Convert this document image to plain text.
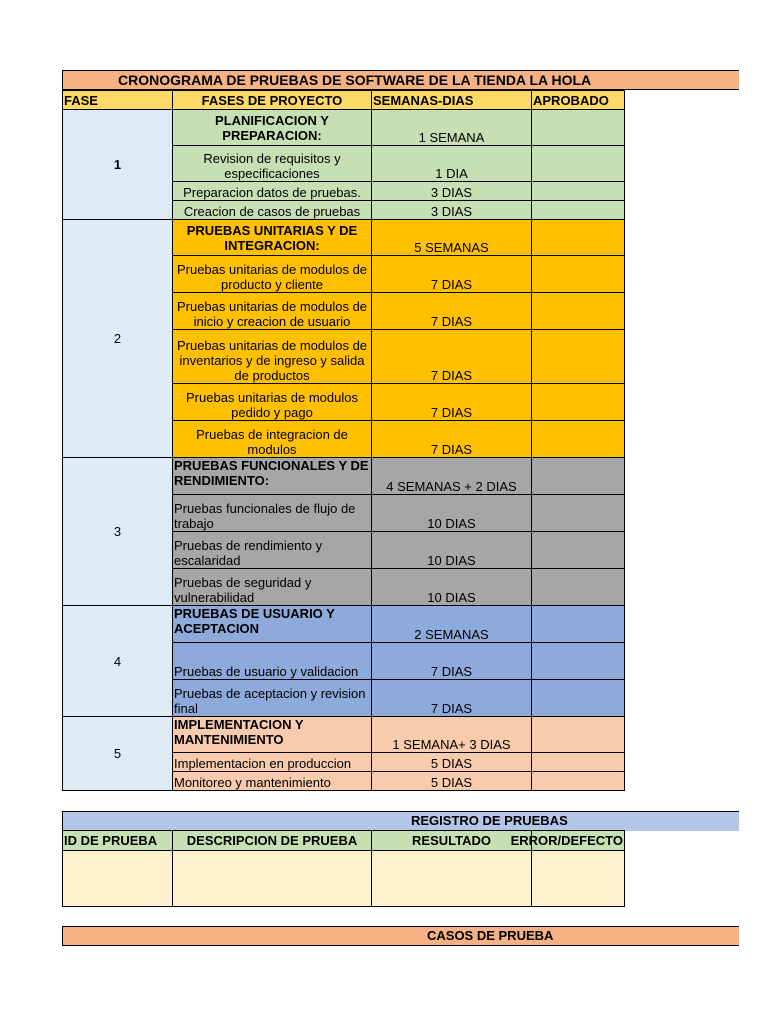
CRONOGRAMA DE PRUEBAS DE SOFTWARE DE LA TIENDA LA HOLA
FASE	FASES DE PROYECTO	SEMANAS-DIAS	APROBADO
1	PLANIFICACION Y PREPARACION:	1 SEMANA	
	Revision de requisitos y especificaciones	1 DIA	
	Preparacion datos de pruebas.	3 DIAS	
	Creacion de casos de pruebas	3 DIAS	
2	PRUEBAS UNITARIAS Y DE INTEGRACION:	5 SEMANAS	
	Pruebas unitarias de modulos de producto y cliente	7 DIAS	
	Pruebas unitarias de modulos de inicio y creacion de usuario	7 DIAS	
	Pruebas unitarias de modulos de inventarios y de ingreso y salida de productos	7 DIAS	
	Pruebas unitarias de modulos pedido y pago	7 DIAS	
	Pruebas de integracion de modulos	7 DIAS	
3	PRUEBAS FUNCIONALES Y DE RENDIMIENTO:	4 SEMANAS + 2 DIAS	
	Pruebas funcionales de flujo de trabajo	10 DIAS	
	Pruebas de rendimiento y escalaridad	10 DIAS	
	Pruebas de seguridad y vulnerabilidad	10 DIAS	
4	PRUEBAS DE USUARIO Y ACEPTACION	2 SEMANAS	
	Pruebas de usuario y validacion	7 DIAS	
	Pruebas de aceptacion y revision final	7 DIAS	
5	IMPLEMENTACION Y MANTENIMIENTO	1 SEMANA+ 3 DIAS	
	Implementacion en produccion	5 DIAS	
	Monitoreo y mantenimiento	5 DIAS	
REGISTRO DE PRUEBAS
ID DE PRUEBA	DESCRIPCION DE PRUEBA	RESULTADO	ERROR/DEFECTO

CASOS DE PRUEBA
